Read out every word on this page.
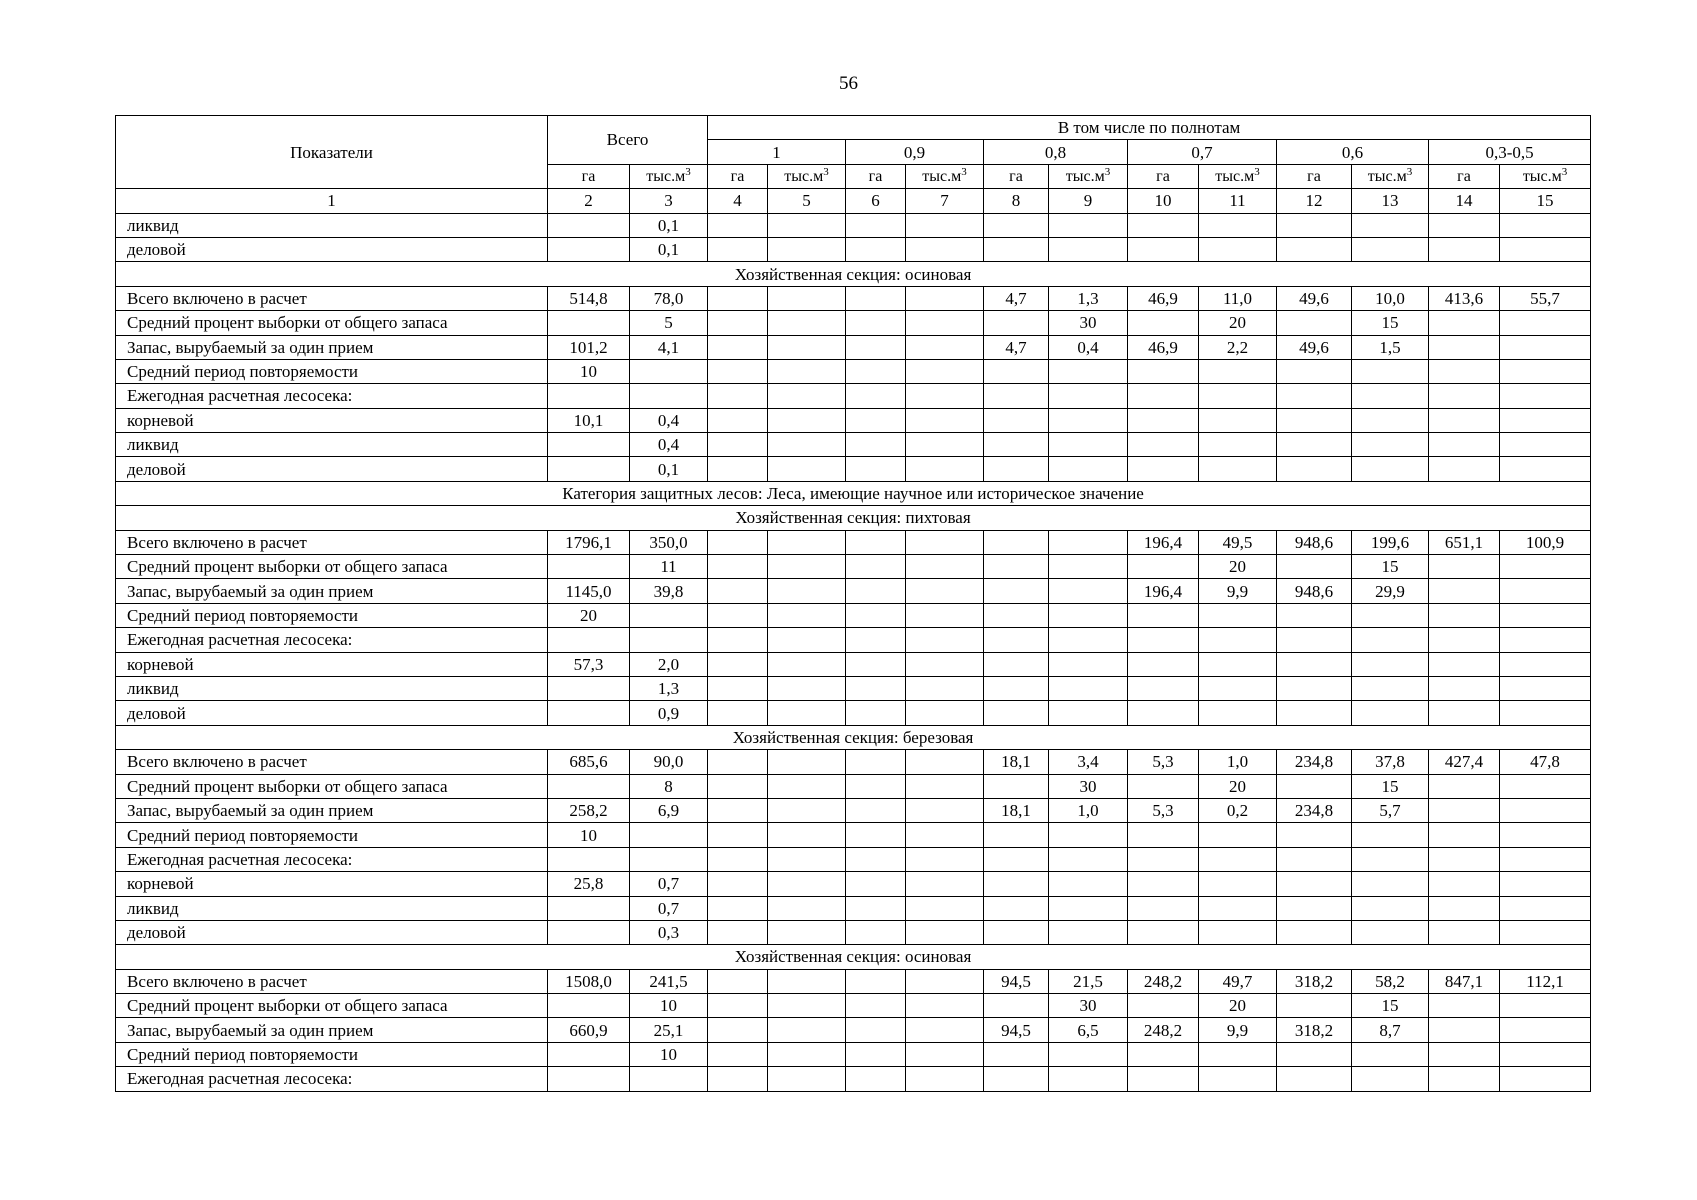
56
Показатели	Всего		В том числе по полнотам											
			1		0,9		0,8		0,7		0,6		0,3-0,5	
	га	$тыс.м^3$	га	$тыс.м^3$	га	$тыс.м^3$	га	$тыс.м^3$	га	$тыс.м^3$	га	$тыс.м^3$	га	$тыс.м^3$
1	2	3	4	5	6	7	8	9	10	11	12	13	14	15
ликвид		0,1												
деловой		0,1												
Хозяйственная секция: осиновая														
Всего включено в расчет	514,8	78,0					4,7	1,3	46,9	11,0	49,6	10,0	413,6	55,7
Средний процент выборки от общего запаса		5						30		20		15		
Запас, вырубаемый за один прием	101,2	4,1					4,7	0,4	46,9	2,2	49,6	1,5		
Средний период повторяемости	10													
Ежегодная расчетная лесосека:														
корневой	10,1	0,4												
ликвид		0,4												
деловой		0,1												
Категория защитных лесов: Леса, имеющие научное или историческое значение														
Хозяйственная секция: пихтовая														
Всего включено в расчет	1796,1	350,0							196,4	49,5	948,6	199,6	651,1	100,9
Средний процент выборки от общего запаса		11								20		15		
Запас, вырубаемый за один прием	1145,0	39,8							196,4	9,9	948,6	29,9		
Средний период повторяемости	20													
Ежегодная расчетная лесосека:														
корневой	57,3	2,0												
ликвид		1,3												
деловой		0,9												
Хозяйственная секция: березовая														
Всего включено в расчет	685,6	90,0					18,1	3,4	5,3	1,0	234,8	37,8	427,4	47,8
Средний процент выборки от общего запаса		8						30		20		15		
Запас, вырубаемый за один прием	258,2	6,9					18,1	1,0	5,3	0,2	234,8	5,7		
Средний период повторяемости	10													
Ежегодная расчетная лесосека:														
корневой	25,8	0,7												
ликвид		0,7												
деловой		0,3												
Хозяйственная секция: осиновая														
Всего включено в расчет	1508,0	241,5					94,5	21,5	248,2	49,7	318,2	58,2	847,1	112,1
Средний процент выборки от общего запаса		10						30		20		15		
Запас, вырубаемый за один прием	660,9	25,1					94,5	6,5	248,2	9,9	318,2	8,7		
Средний период повторяемости		10												
Ежегодная расчетная лесосека:														
